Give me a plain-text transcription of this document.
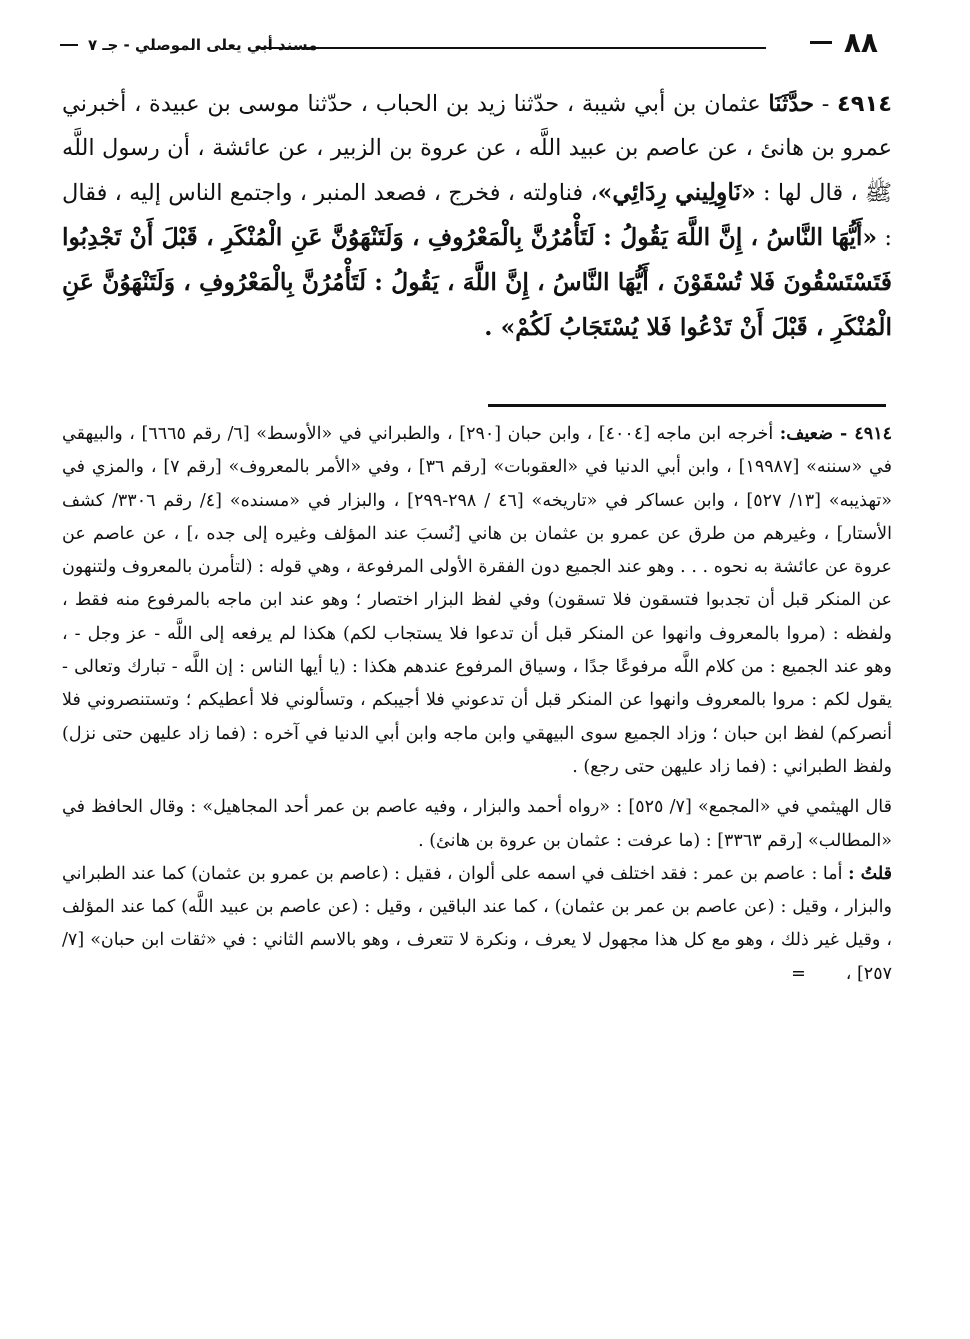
٨٨
مسند أبي يعلى الموصلي - جـ ٧
٤٩١٤ - حدَّثَنَا عثمان بن أبي شيبة ، حدّثنا زيد بن الحباب ، حدّثنا موسى بن عبيدة ، أخبرني عمرو بن هانئ ، عن عاصم بن عبيد اللَّه ، عن عروة بن الزبير ، عن عائشة ، أن رسول اللَّه ﷺ ، قال لها : «نَاوِلِيني رِدَائِي»، فناولته ، فخرج ، فصعد المنبر ، واجتمع الناس إليه ، فقال : «أَيُّهَا النَّاسُ ، إِنَّ اللَّهَ يَقُولُ : لَتَأْمُرُنَّ بِالْمَعْرُوفِ ، وَلَتَنْهَوُنَّ عَنِ الْمُنْكَرِ ، قَبْلَ أَنْ تَجْدِبُوا فَتَسْتَسْقُونَ فَلا تُسْقَوْنَ ، أَيُّهَا النَّاسُ ، إِنَّ اللَّهَ ، يَقُولُ : لَتَأْمُرُنَّ بِالْمَعْرُوفِ ، وَلَتَنْهَوُنَّ عَنِ الْمُنْكَرِ ، قَبْلَ أَنْ تَدْعُوا فَلا يُسْتَجَابُ لَكُمْ» .

٤٩١٤ - ضعيف: أخرجه ابن ماجه [٤٠٠٤] ، وابن حبان [٢٩٠] ، والطبراني في «الأوسط» [٦/ رقم ٦٦٦٥] ، والبيهقي في «سننه» [١٩٩٨٧] ، وابن أبي الدنيا في «العقوبات» [رقم ٣٦] ، وفي «الأمر بالمعروف» [رقم ٧] ، والمزي في «تهذيبه» [١٣/ ٥٢٧] ، وابن عساكر في «تاريخه» [٤٦ / ٢٩٨-٢٩٩] ، والبزار في «مسنده» [٤/ رقم ٣٣٠٦/ كشف الأستار] ، وغيرهم من طرق عن عمرو بن عثمان بن هاني [نُسبَ عند المؤلف وغيره إلى جده ،] ، عن عاصم عن عروة عن عائشة به نحوه . . . وهو عند الجميع دون الفقرة الأولى المرفوعة ، وهي قوله : (لتأمرن بالمعروف ولتنهون عن المنكر قبل أن تجدبوا فتسقون فلا تسقون) وفي لفظ البزار اختصار ؛ وهو عند ابن ماجه بالمرفوع منه فقط ، ولفظه : (مروا بالمعروف وانهوا عن المنكر قبل أن تدعوا فلا يستجاب لكم) هكذا لم يرفعه إلى اللَّه - عز وجل - ، وهو عند الجميع : من كلام اللَّه مرفوعًا جدًا ، وسياق المرفوع عندهم هكذا : (يا أيها الناس : إن اللَّه - تبارك وتعالى - يقول لكم : مروا بالمعروف وانهوا عن المنكر قبل أن تدعوني فلا أجيبكم ، وتسألوني فلا أعطيكم ؛ وتستنصروني فلا أنصركم) لفظ ابن حبان ؛ وزاد الجميع سوى البيهقي وابن ماجه وابن أبي الدنيا في آخره : (فما زاد عليهن حتى نزل) ولفظ الطبراني : (فما زاد عليهن حتى رجع) .

قال الهيثمي في «المجمع» [٧/ ٥٢٥] : «رواه أحمد والبزار ، وفيه عاصم بن عمر أحد المجاهيل» : وقال الحافظ في «المطالب» [رقم ٣٣٦٣] : (ما عرفت : عثمان بن عروة بن هانئ) .

قلتُ : أما : عاصم بن عمر : فقد اختلف في اسمه على ألوان ، فقيل : (عاصم بن عمرو بن عثمان) كما عند الطبراني والبزار ، وقيل : (عن عاصم بن عمر بن عثمان) ، كما عند الباقين ، وقيل : (عن عاصم بن عبيد اللَّه) كما عند المؤلف ، وقيل غير ذلك ، وهو مع كل هذا مجهول لا يعرف ، ونكرة لا تتعرف ، وهو بالاسم الثاني : في «ثقات ابن حبان» [٧/ ٢٥٧] ،=
